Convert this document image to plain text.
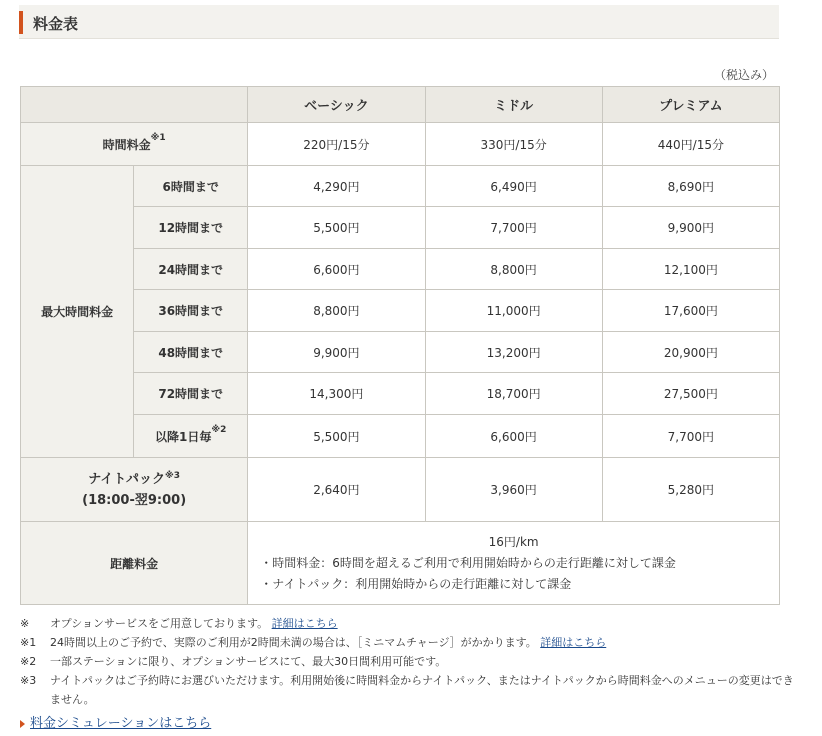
料金表
（税込み）
		ベーシック	ミドル	プレミアム
時間料金$^{※1}$		220円/15分	330円/15分	440円/15分
最大時間料金	6時間まで	4,290円	6,490円	8,690円
	12時間まで	5,500円	7,700円	9,900円
	24時間まで	6,600円	8,800円	12,100円
	36時間まで	8,800円	11,000円	17,600円
	48時間まで	9,900円	13,200円	20,900円
	72時間まで	14,300円	18,700円	27,500円
	以降1日毎$^{※2}$	5,500円	6,600円	7,700円
ナイトパック$^{※3}$
(18:00-翌9:00)		2,640円	3,960円	5,280円
距離料金		16円/km
・時間料金：6時間を超えるご利用で利用開始時からの走行距離に対して課金
・ナイトパック：利用開始時からの走行距離に対して課金		
※ オプションサービスをご用意しております。 詳細はこちら
※1 24時間以上のご予約で、実際のご利用が2時間未満の場合は、［ミニマムチャージ］がかかります。 詳細はこちら
※2 一部ステーションに限り、オプションサービスにて、最大30日間利用可能です。
※3 ナイトパックはご予約時にお選びいただけます。利用開始後に時間料金からナイトパック、またはナイトパックから時間料金へのメニューの変更はできません。
料金シミュレーションはこちら
